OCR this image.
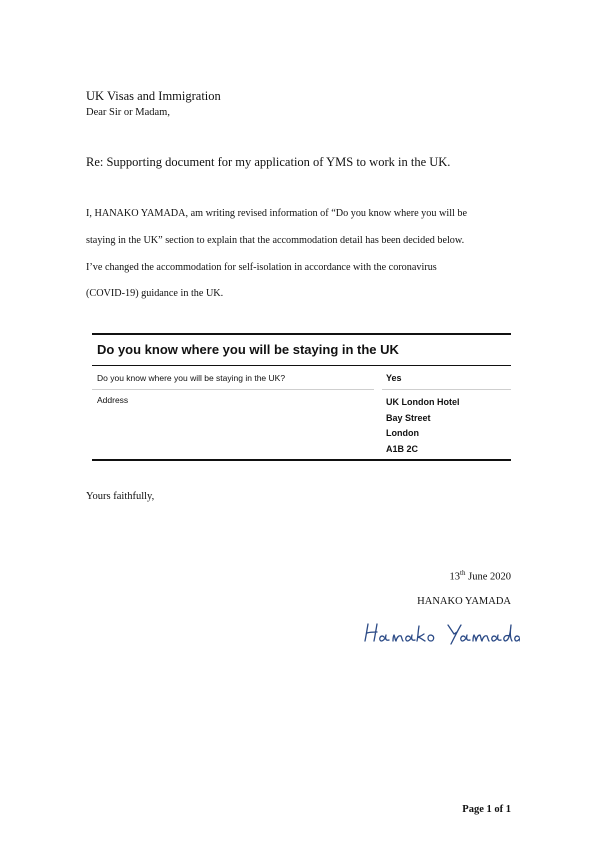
UK Visas and Immigration
Dear Sir or Madam,
Re: Supporting document for my application of YMS to work in the UK.
I, HANAKO YAMADA, am writing revised information of “Do you know where you will be
staying in the UK” section to explain that the accommodation detail has been decided below.
I’ve changed the accommodation for self-isolation in accordance with the coronavirus
(COVID-19) guidance in the UK.
Do you know where you will be staying in the UK
Do you know where you will be staying in the UK?	Yes
Address	UK London Hotel
Bay Street
London
A1B 2C
Yours faithfully,
13th June 2020
HANAKO YAMADA
Page 1 of 1
